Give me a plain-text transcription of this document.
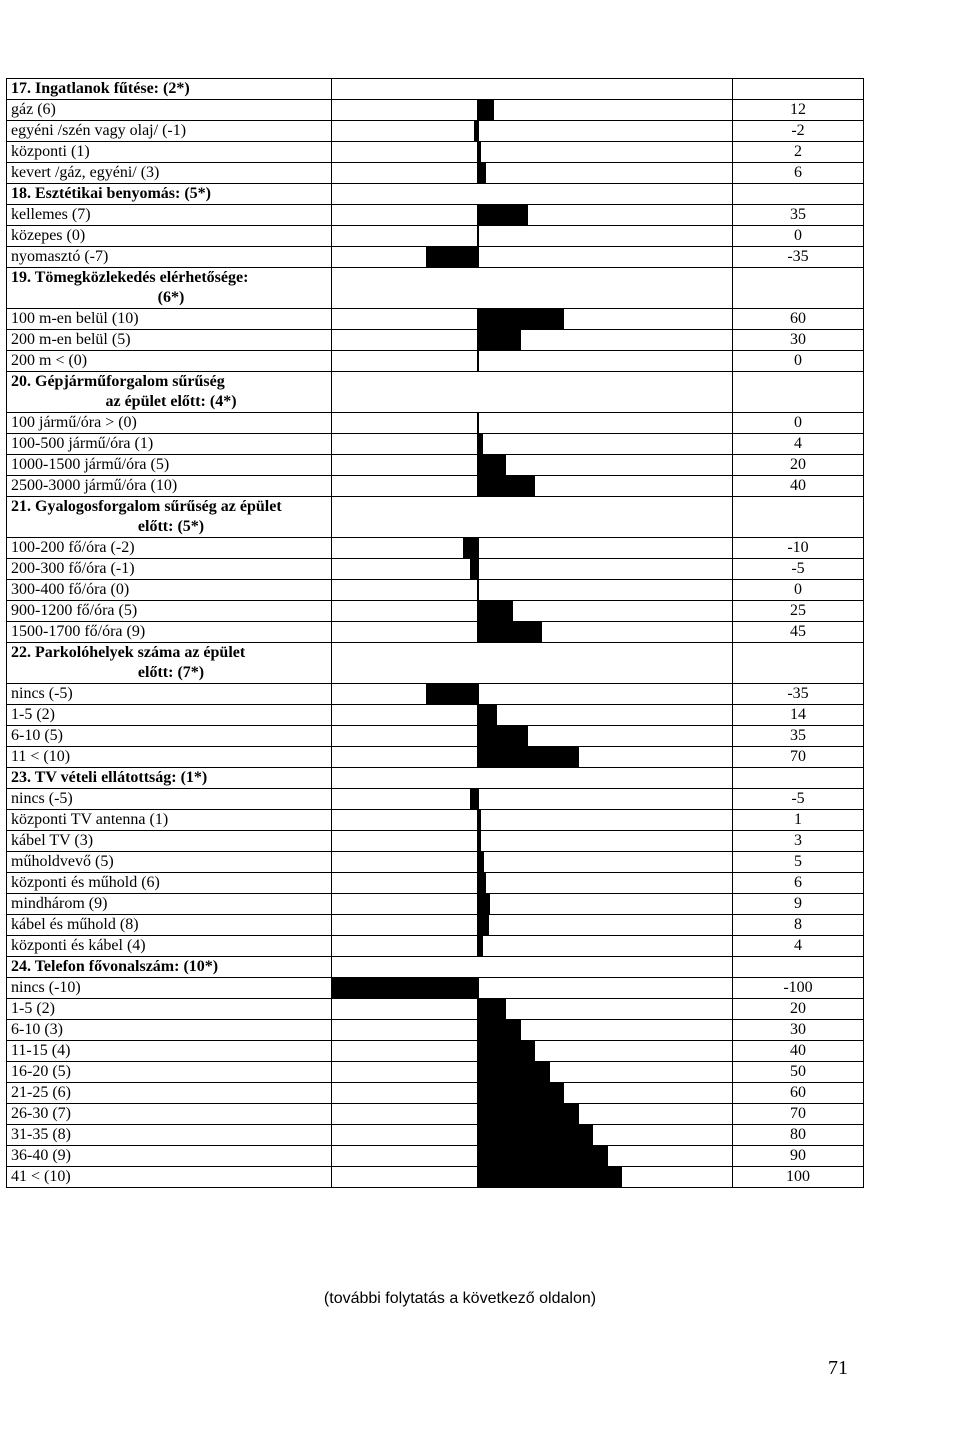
17. Ingatlanok fűtése: (2*)		
gáz (6)		12
egyéni /szén vagy olaj/ (-1)		-2
központi (1)		2
kevert /gáz, egyéni/ (3)		6
18. Esztétikai benyomás: (5*)		
kellemes (7)		35
közepes (0)		0
nyomasztó (-7)		-35
19. Tömegközlekedés elérhetősége:
(6*)		

100 m-en belül (10)		60
200 m-en belül (5)		30
200 m < (0)		0
20. Gépjárműforgalom sűrűség
az épület előtt: (4*)		

100 jármű/óra > (0)		0
100-500 jármű/óra (1)		4
1000-1500 jármű/óra (5)		20
2500-3000 jármű/óra (10)		40
21. Gyalogosforgalom sűrűség az épület
előtt: (5*)		

100-200 fő/óra (-2)		-10
200-300 fő/óra (-1)		-5
300-400 fő/óra (0)		0
900-1200 fő/óra (5)		25
1500-1700 fő/óra (9)		45
22. Parkolóhelyek száma az épület
előtt: (7*)		

nincs (-5)		-35
1-5 (2)		14
6-10 (5)		35
11 < (10)		70
23. TV vételi ellátottság: (1*)		
nincs (-5)		-5
központi TV antenna (1)		1
kábel TV (3)		3
műholdvevő (5)		5
központi és műhold (6)		6
mindhárom (9)		9
kábel és műhold (8)		8
központi és kábel (4)		4
24. Telefon fővonalszám: (10*)		
nincs (-10)		-100
1-5 (2)		20
6-10 (3)		30
11-15 (4)		40
16-20 (5)		50
21-25 (6)		60
26-30 (7)		70
31-35 (8)		80
36-40 (9)		90
41 < (10)		100
(további folytatás a következő oldalon)
71
